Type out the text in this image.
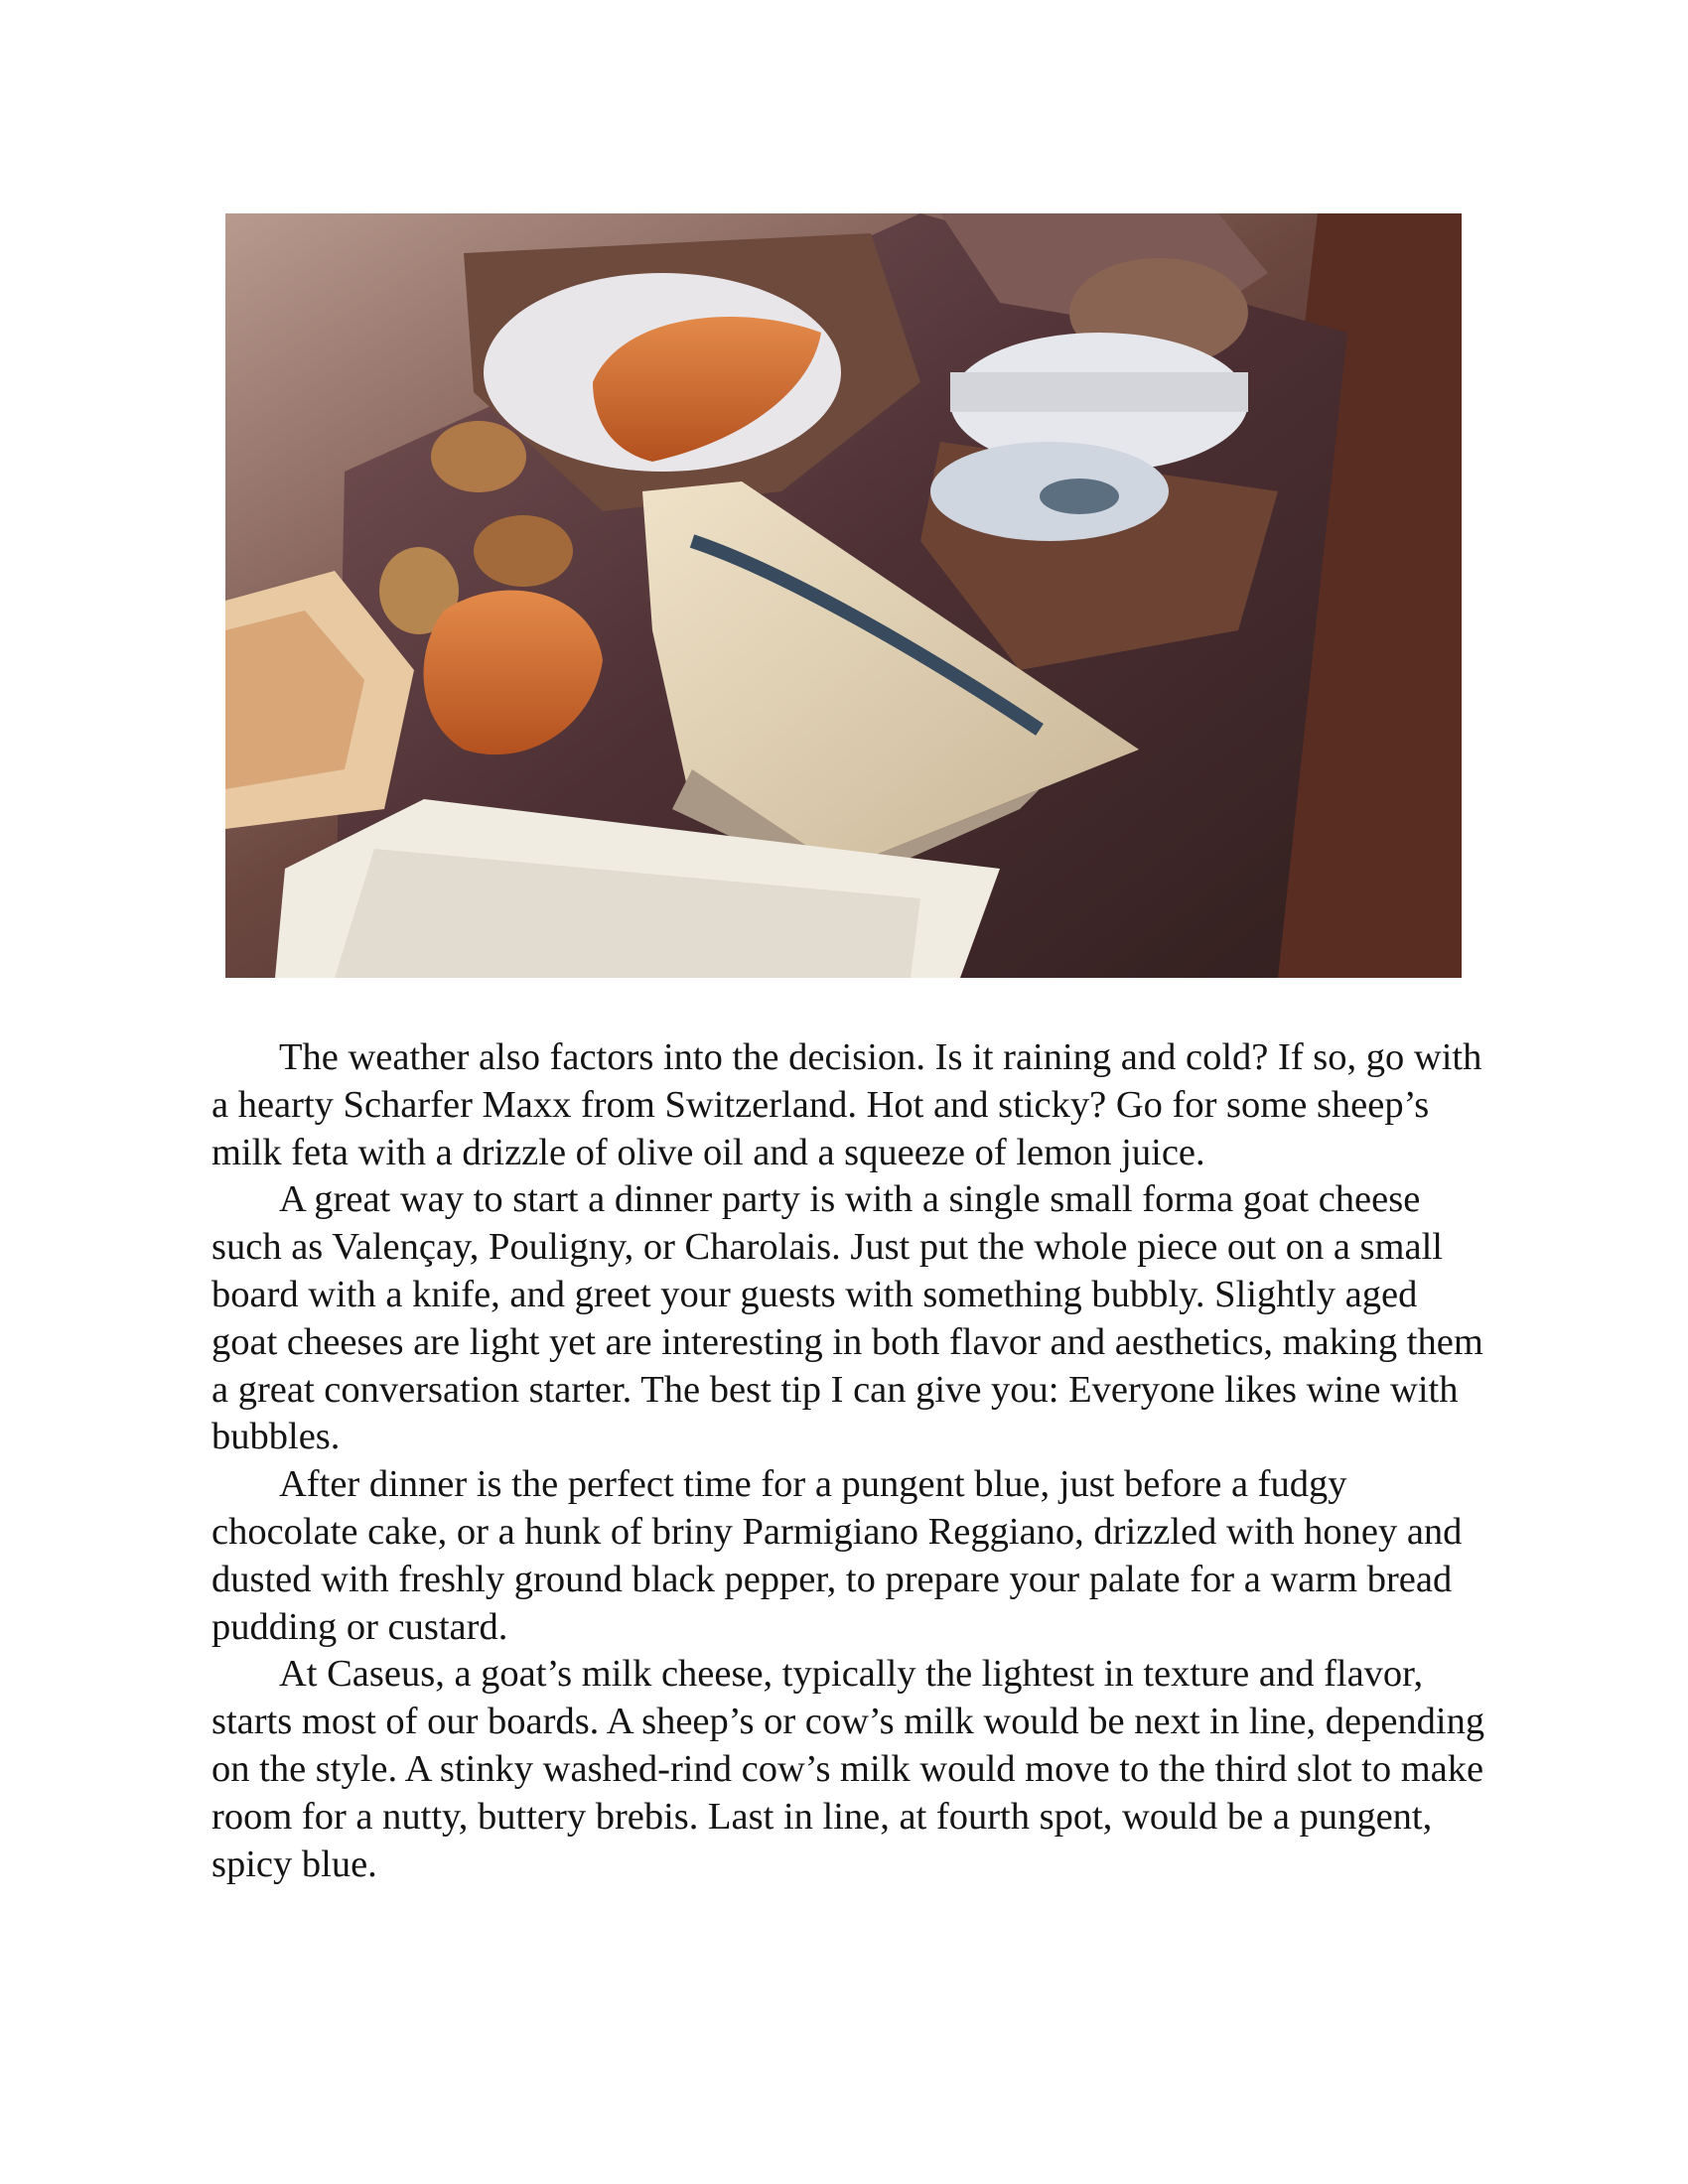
The weather also factors into the decision. Is it raining and cold? If so, go with a hearty Scharfer Maxx from Switzerland. Hot and sticky? Go for some sheep’s milk feta with a drizzle of olive oil and a squeeze of lemon juice.

A great way to start a dinner party is with a single small forma goat cheese such as Valençay, Pouligny, or Charolais. Just put the whole piece out on a small board with a knife, and greet your guests with something bubbly. Slightly aged goat cheeses are light yet are interesting in both flavor and aesthetics, making them a great conversation starter. The best tip I can give you: Everyone likes wine with bubbles.

After dinner is the perfect time for a pungent blue, just before a fudgy chocolate cake, or a hunk of briny Parmigiano Reggiano, drizzled with honey and dusted with freshly ground black pepper, to prepare your palate for a warm bread pudding or custard.

At Caseus, a goat’s milk cheese, typically the lightest in texture and flavor, starts most of our boards. A sheep’s or cow’s milk would be next in line, depending on the style. A stinky washed-rind cow’s milk would move to the third slot to make room for a nutty, buttery brebis. Last in line, at fourth spot, would be a pungent, spicy blue.
